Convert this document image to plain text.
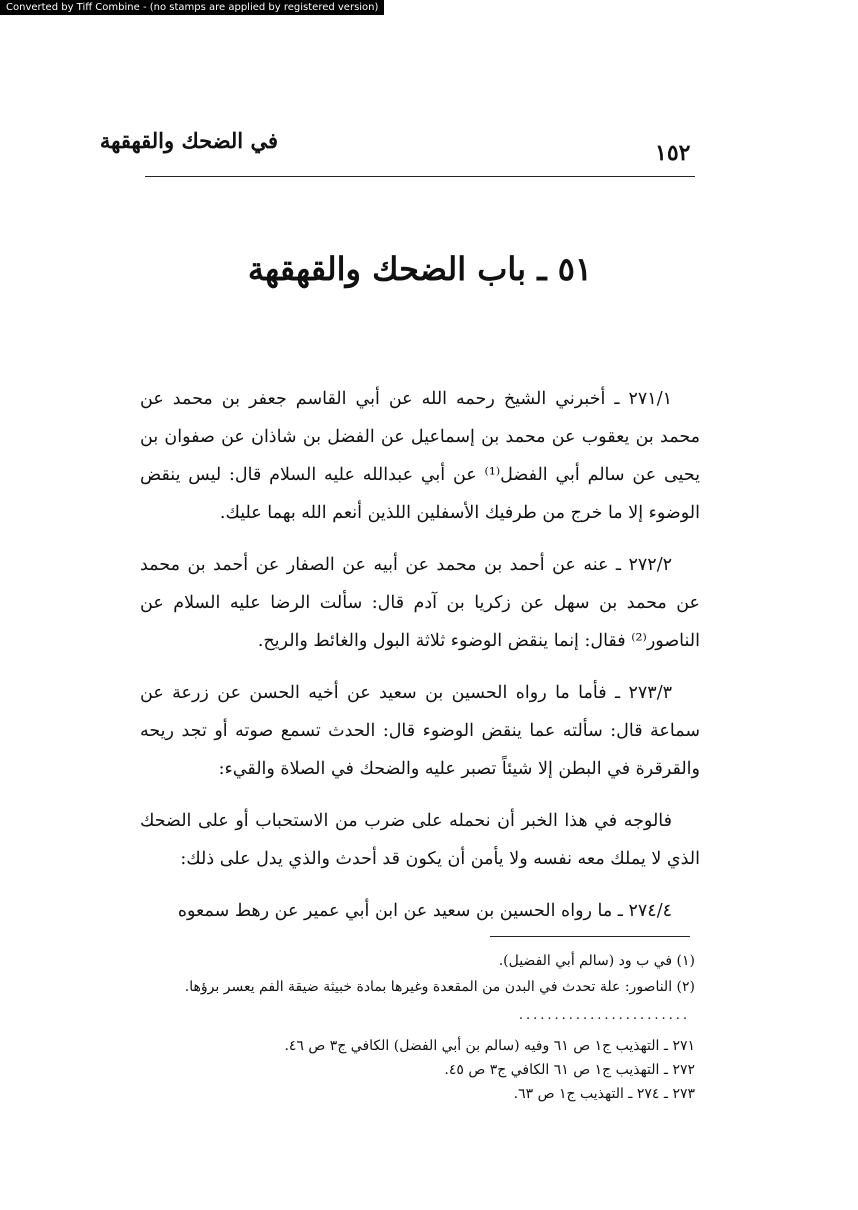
Converted by Tiff Combine - (no stamps are applied by registered version)
١٥٢
في الضحك والقهقهة
٥١ ـ باب الضحك والقهقهة

٢٧١/١ ـ أخبرني الشيخ رحمه الله عن أبي القاسم جعفر بن محمد عن محمد بن يعقوب عن محمد بن إسماعيل عن الفضل بن شاذان عن صفوان بن يحيى عن سالم أبي الفضل⁽¹⁾ عن أبي عبدالله عليه السلام قال: ليس ينقض الوضوء إلا ما خرج من طرفيك الأسفلين اللذين أنعم الله بهما عليك.

٢٧٢/٢ ـ عنه عن أحمد بن محمد عن أبيه عن الصفار عن أحمد بن محمد عن محمد بن سهل عن زكريا بن آدم قال: سألت الرضا عليه السلام عن الناصور⁽²⁾ فقال: إنما ينقض الوضوء ثلاثة البول والغائط والريح.

٢٧٣/٣ ـ فأما ما رواه الحسين بن سعيد عن أخيه الحسن عن زرعة عن سماعة قال: سألته عما ينقض الوضوء قال: الحدث تسمع صوته أو تجد ريحه والقرقرة في البطن إلا شيئاً تصبر عليه والضحك في الصلاة والقيء:

فالوجه في هذا الخبر أن نحمله على ضرب من الاستحباب أو على الضحك الذي لا يملك معه نفسه ولا يأمن أن يكون قد أحدث والذي يدل على ذلك:

٢٧٤/٤ ـ ما رواه الحسين بن سعيد عن ابن أبي عمير عن رهط سمعوه

(١) في ب ود (سالم أبي الفضيل).

(٢) الناصور: علة تحدث في البدن من المقعدة وغيرها بمادة خبيثة ضيقة الفم يعسر برؤها.

........................

٢٧١ ـ التهذيب ج١ ص ٦١ وفيه (سالم بن أبي الفضل) الكافي ج٣ ص ٤٦.

٢٧٢ ـ التهذيب ج١ ص ٦١ الكافي ج٣ ص ٤٥.

٢٧٣ ـ ٢٧٤ ـ التهذيب ج١ ص ٦٣.
